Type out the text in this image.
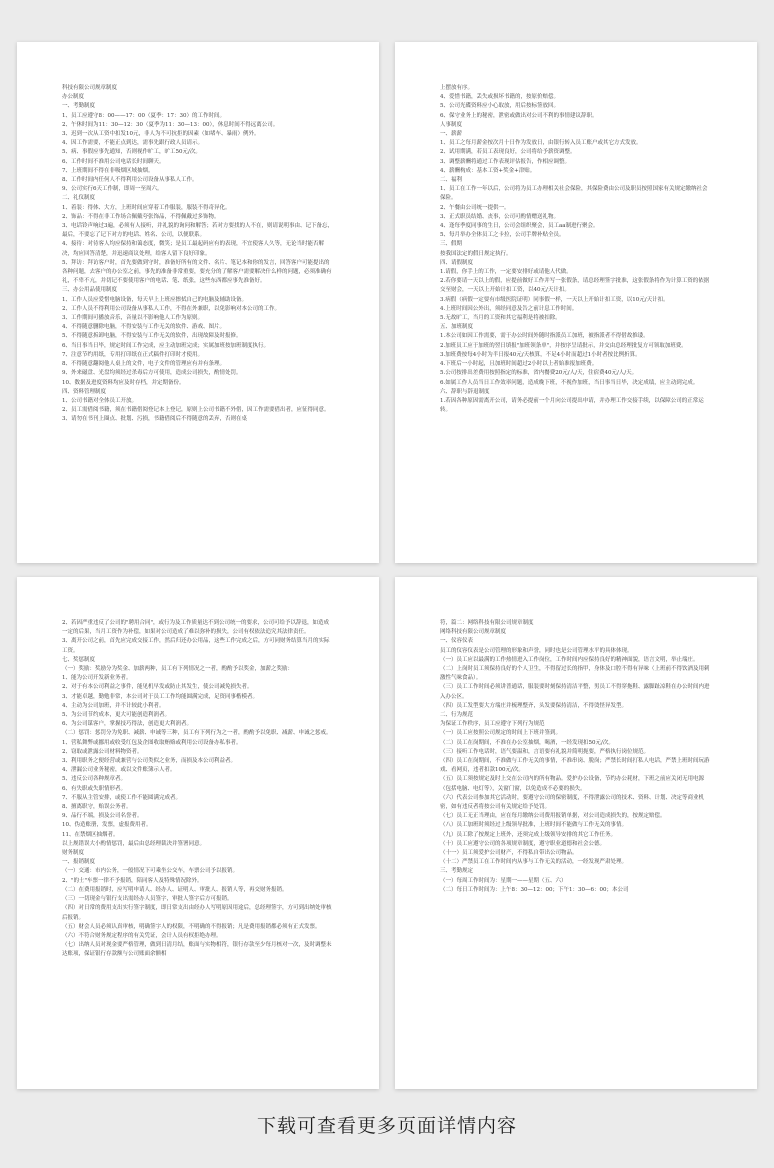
科技有限公司规章制度

办公制度

一、考勤制度

1、员工应遵守8：00——17：00（夏季：17：30）的工作时间。

2、午休时间为11：30—12：30（夏季为11：30—13：00），休息时间不得远离公司。

3、迟到一次从工资中扣发10元，非人为不可抗拒的因素（如堵车、暴雨）例外。

4、因工作需要，不能正点到达，需事先跟行政人员请示。

5、病、事假应事先通知，否则视作旷工，旷工50元/次。

6、工作时间不准用公司电话长时间聊天。

7、上班期间不得在非吸烟区域抽烟。

8、工作时间内任何人不得利用公司设备从事私人工作。

9、公司实行6天工作制，即周一至周六。

二、礼仪制度

1、着装：得体、大方，上班时间应穿着工作服装，服装不得奇异化。

2、饰品：不得在非工作场合佩戴夸张饰品，不得佩戴过多饰物。

3、电话铃声响过3遍，必须有人接听，并礼貌的询问和解答；若对方要找的人不在，则请说明事由、记下备忘，最后，不要忘了记下对方的电话、姓名、公司，以便联系。

4、接待：对待客人均应保持和蔼态度，微笑；是员工最起码应有的表现，不宜使客人久等，无论当时能否解决，均应回答清楚，并迅速商议处理，给客人留下良好印象。

5、拜访：拜访客户时，首先要做到守时，准备好所有的文件、名片、笔记本和你的发言，回答客户可能提出的各种问题，去客户的办公室之前，事先的准备非常重要，要充分的了解客户需要解决什么样的问题，必须准确有礼，不卑不亢，并切记不要使用客户的电话、笔、纸张，这些东西都应事先准备好。

三、办公用品使用制度

1、工作人员应爱惜电脑设备，每天早上上班应擦拭自己的电脑及辅助设备。

2、工作人员不得利用公司设备从事私人工作，不得在外兼职，以免影响对本公司的工作。

3、工作期间可播放音乐，音量以不影响他人工作为原则。

4、不得随意删除电脑，不得安装与工作无关的软件、游戏、图片。

5、不得随意拆卸电脑，不得安装与工作无关的软件，出现故障及时报修。

6、当日事当日毕，规定时间工作完成，应主动加班完成；实属加班按加班制度执行。

7、注意节约用纸，专用打印纸在正式稿件打印时才使用。

8、不得随意翻阅他人桌上的文件，电子文件的管理应有并有条理。

9、外来磁盘、光盘均须经过杀毒后方可使用，造成公司损失，酌情处罚。

10、数据及进度资料均应及时存档，并定期备份。

四、资料管理制度

1、公司书籍对全体员工开放。

2、员工需借阅书籍，须在书籍借阅登记本上登记，原则上公司书籍不外借，因工作需要借出者，应征得同意。

3、请勿在书刊上圈点、批划、污损，书籍借阅后不得随意的丢弃，否则在桌

上摆放有序。

4、爱惜书籍，丢失或损坏书籍的，按原价赔偿。

5、公司光碟资料应小心取放，用后按标签放回。

6、保守业务上的秘密，泄密或做出对公司不利的事情建议辞职。

人事制度

一、薪薪

1、员工之每月薪金按次月十日作为发放日，由银行转入员工账户或其它方式发放。

2、试用期满，若员工表现良好，公司将给予薪资调整。

3、调整薪酬将通过工作表现评估报告，作相应调整。

4、薪酬构成：基本工资+奖金+津贴。

二、福利

1、员工在工作一年以后，公司将为员工办理相关社会保险，其保险费由公司及职员按照国家有关规定缴纳社会保险。

2、午餐由公司统一提供一。

3、正式职员结婚、丧事，公司可酌情赠送礼物。

4、逢每季度同事的生日，公司会组织聚会，员工aa制进行聚会。

5、每月举办全体员工之卡拉，公司手牌补贴全员。

三、假期

按我国法定的假日规定执行。

四、请假制度

1.请假，你手上的工作，一定要安排好或请他人代做。

2.若你要请一天以上的假，应提前做好工作并写一张假条，请总经理签字批准，这张假条将作为计算工资的依据交至财会，一天以上开始计扣工资，以40元/天计扣。

3.病假（病假一定要有市级医院证明）同事假一样，一天以上开始计扣工资，以10元/天计扣。

4.上班时间因公外出，须经同意及告之前计息工作时间。

5.无故旷工，当月的工资和其它福利是将被扣除。

五、加班制度

1.本公司如因工作需要，需于办公时间外随时指派员工加班，被指派者不得借故推诿。

2.加班员工应于加班的翌日填报"加班领条单"，并按序呈请批示，并交由总经理批复方可领取加班费。

3.加班费按每4小时为半日报40元/天核算，不足4小时而超过1小时者按比例折算。

4.下班后一小时起，且加班时间超过2小时以上者始准报加班费。

5.公司按排出差费用按照指定的标准，省内餐费20元/人/天，住宿费40元/人/天。

6.如属工作人员当日工作效率问题，造成晚下班，不视作加班，当日事当日毕，决定成绩，应主动到完成。

六、辞职与辞退制度

1.若因各种原因需离开公司，请务必提前一个月向公司提出申请，并办理工作交接手续，以保障公司的正常运转。

2、若因严重违反了公司的"聘用合同"，或行为及工作质量达不到公司统一的要求，公司可给予以辞退，如造成一定的后果，当月工资作为补偿，如果对公司造成了难以弥补的损失，公司有权依法追究其法律责任。

3、离开公司之前，首先应完成交接工作，然后归还办公用品，这些工作完成之后，方可同财务结算当月的实际工资。

七、奖惩制度

（一）奖励：奖励分为奖金、加薪两种，员工有下列情况之一者，酌酌予以奖金，加薪之奖励：

1、能为公司开发新业务者。

2、对于有本公司利益之事件，能见机早发或防止其发生，使公司减免损失者。

3、才能卓越，勤勉非常，本公司对于员工工作均能圆满完成，足资同事楷模者。

4、主动为公司加班，并不计较此小利者。

5、为公司节约成本，更大可能创造利润者。

6、为公司谋客户，掌握技巧得法，创造更大利润者。

（二）惩罚：惩罚分为免职、减薪、申诫等三种，员工有下列行为之一者，酌酌予以免职、减薪、申诫之惩戒。

1、营私舞弊或挪用或收受红包及企图收取贿赂或利用公司设备办私事者。

2、窃取或泄露公司材料物资者。

3、利用职务之便经营或兼营与公司类似之业务，而损及本公司利益者。

4、泄漏公司业务秘密，或以文件账簿示人者。

5、违反公司各种规章者。

6、有失职或失职情形者。

7、不服从主管安排，或使工作不能圆满完成者。

8、擅离职守，贻误公务者。

9、品行不端，损及公司名誉者。

10、伪造账册，发票，虚报费用者。

11、在禁烟区抽烟者。

以上规错误大小酌情惩罚，最后由总经理裁决并签署同意。

财务制度

一、报销制度

（一）交通：市内公务，一般情况下可乘坐公交车，车票公司予以报销。

2、"的士"车票一律不予报销，陪同客人及特殊情况除外。

（二）在费用报销时，应写明申请人、经办人、证明人、审批人、报销人等，再交财务报销。

（三）一切现金与银行支出需经办人员签字，审批人签字后方可报销。

（四）对日常的费用支出实行签字制度，即日常支出由经办人写明原因用途后，总经理签字，方可到出纳处审核后报销。

（五）财会人员必须认真审核，明确签字人的权限，不明确的不得报销；凡是费用报销都必须有正式发票。

（六）不符合财务规定程序的有关凭证，会计人员有权拒绝办理。

（七）出纳人员对现金要严格管理，做到日清月结，账面与实物相符，银行存款至少每月核对一次，及时调整未达账项，保证银行存款额与公司账面余额相

符，篇二：网络科技有限公司规章制度

网络科技有限公司规章制度

一、仪容仪表

员工的仪容仪表是公司管理的形象和声誉，同时也是公司管理水平的具体体现。

（一）员工应以最满的工作热情进入工作岗位，工作时间内应保持良好的精神面貌，语言文明，举止端庄。

（二）上岗时员工须保持良好的个人卫生，不得留过长的指甲，身体及口腔不得有异味（上班前不得饮酒及用刺激性气味食品）。

（三）员工工作时间必须讲普通话，服装要时刻保持清洁平整，男员工不得穿拖鞋、露脚趾凉鞋在办公时间内进入办公区。

（四）员工发型要大方端庄并梳理整齐，头发要保持清洁，不得烫怪异发型。

二、行为规范

为保证工作秩序，员工应遵守下列行为规范

（一）员工应按照公司规定的时间上下班并签到。

（二）员工在岗期间，不准在办公室抽烟，喝酒，一经发现扣50元/次。

（三）接听工作电话时，语气要温和，言语要有礼貌并简明扼要，严格执行岗位规范。

（四）员工在岗期间，不准做与工作无关的事情，不准串岗、脱岗；严禁长时间打私人电话，严禁上班时间玩游戏、看网页，违者扣款100元/次。

（五）员工须按规定及时上交在公司内的所有物品。爱护办公设备，节约办公耗材，下班之前应关闭无用电源（包括电脑、电灯等），关窗门窗，以免造成不必要的损失。

（六）代表公司参加其它活动时，要遵守公司的保密制度，不得泄露公司的技术、资料、计划、决定等商业机密，如有违反者将按公司有关规定给予处罚。

（七）员工无正当理由，应在每月缴纳公司费用报销单据，对公司造成损失的，按规定赔偿。

（八）员工加班时须经过上级领导批准，上班时间不能做与工作无关的事情。

（九）员工除了按规定上班外，还须完成上级领导安排的其它工作任务。

（十）员工应遵守公司的各项规章制度，遵守职业道德和社会公德。

（十一）员工须爱护公司财产，不得私自带出公司物品。

（十二）严禁员工在工作时间内从事与工作无关的活动，一经发现严肃处理。

三、考勤规定

（一）每周工作时间为：星期一——星期（五、六）

（二）每日工作时间为：上午8：30—12：00；下午1：30—6：00；本公司

下载可查看更多页面详情内容
